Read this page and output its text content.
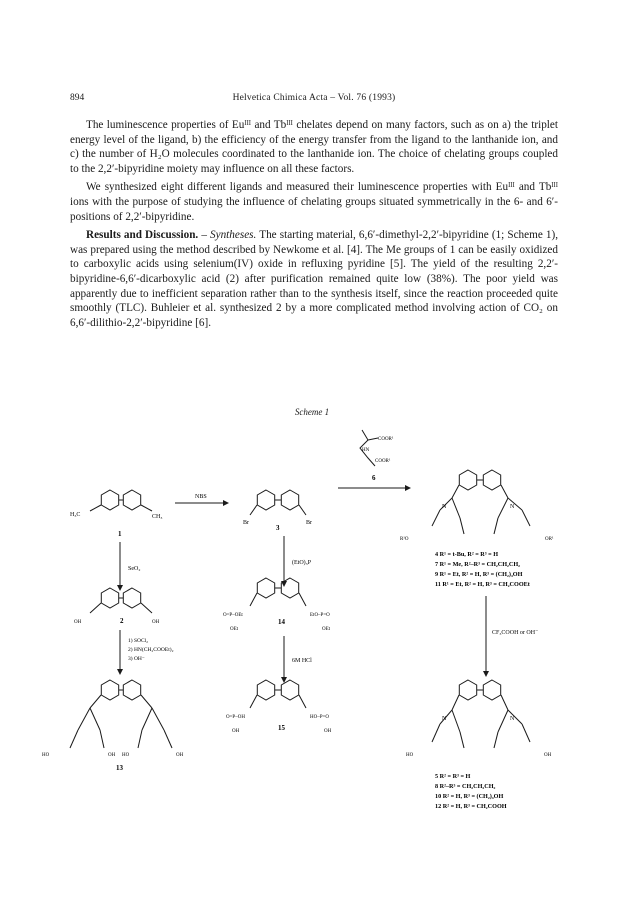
894	Helvetica Chimica Acta – Vol. 76 (1993)

The luminescence properties of Euᴵᴵᴵ and Tbᴵᴵᴵ chelates depend on many factors, such as on a) the triplet energy level of the ligand, b) the efficiency of the energy transfer from the ligand to the lanthanide ion, and c) the number of H₂O molecules coordinated to the lanthanide ion. The choice of chelating groups coupled to the 2,2′-bipyridine moiety may influence on all these factors.

We synthesized eight different ligands and measured their luminescence properties with Euᴵᴵᴵ and Tbᴵᴵᴵ ions with the purpose of studying the influence of chelating groups situated symmetrically in the 6- and 6′-positions of 2,2′-bipyridine.

Results and Discussion. – Syntheses. The starting material, 6,6′-dimethyl-2,2′-bipyridine (1; Scheme 1), was prepared using the method described by Newkome et al. [4]. The Me groups of 1 can be easily oxidized to carboxylic acids using selenium(IV) oxide in refluxing pyridine [5]. The yield of the resulting 2,2′-bipyridine-6,6′-dicarboxylic acid (2) after purification remained quite low (38%). The poor yield was apparently due to inefficient separation rather than to the synthesis itself, since the reaction proceeded quite smoothly (TLC). Buhleier et al. synthesized 2 by a more complicated method involving action of CO₂ on 6,6′-dilithio-2,2′-bipyridine [6].

Scheme 1
H₃C	CH₃
1
NBS
Br	Br
3
COOR¹
HN
COOR¹
6
N	N
R¹O	OR¹
4 R¹ = t-Bu, R² = R³ = H
7 R¹ = Me, R²–R³ = CH₂CH₂CH₂
9 R¹ = Et, R² = H, R³ = (CH₂)₄OH
11 R¹ = Et, R² = H, R³ = CH₂COOEt
SeO₂
(EtO)₃P
CF₃COOH or OH⁻
OH	OH
2
O=P–OEt	EtO–P=O
OEt	OEt
14
1) SOCl₂
2) HN(CH₂COOEt)₂
3) OH⁻	6M HCl
HO	OH HO	OH
13
O=P–OH	HO–P=O
OH	OH
15
N	N
HO	OH
5 R² = R³ = H
8 R²–R³ = CH₂CH₂CH₂
10 R² = H, R³ = (CH₂)₄OH
12 R² = H, R³ = CH₂COOH
